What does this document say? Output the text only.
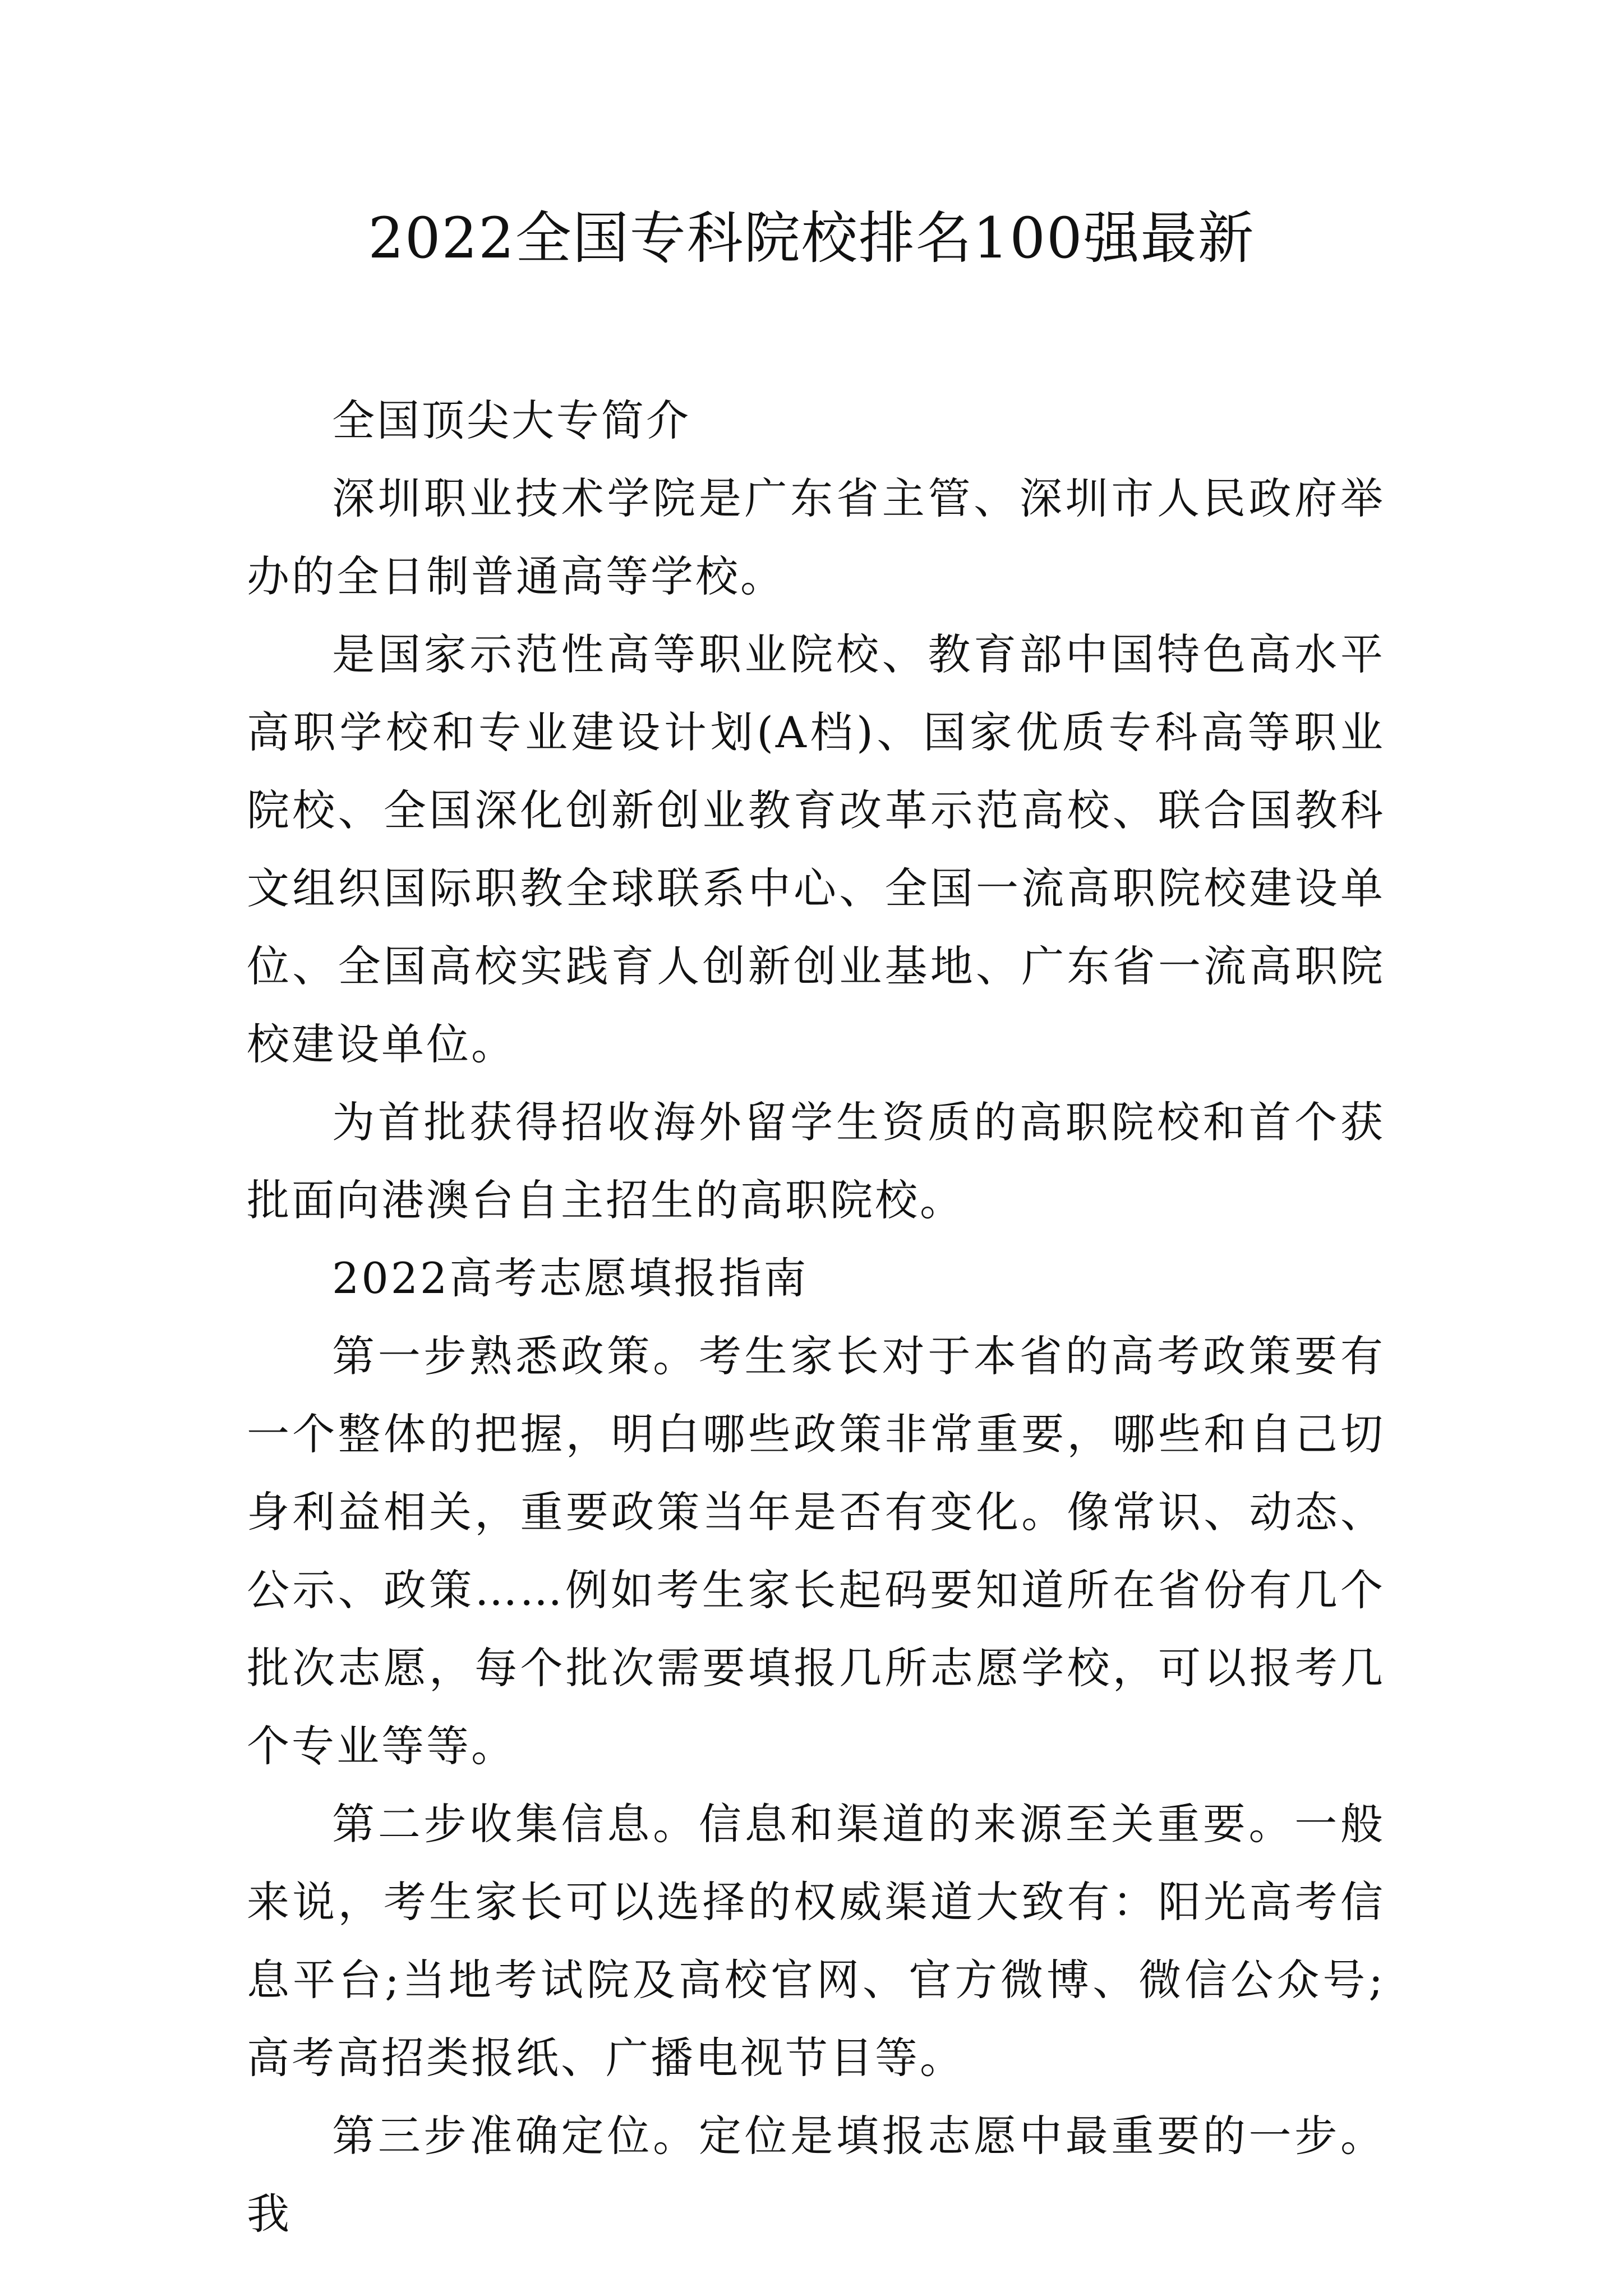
2022全国专科院校排名100强最新

全国顶尖大专简介

深圳职业技术学院是广东省主管、深圳市人民政府举办的全日制普通高等学校。

是国家示范性高等职业院校、教育部中国特色高水平高职学校和专业建设计划(A档)、国家优质专科高等职业院校、全国深化创新创业教育改革示范高校、联合国教科文组织国际职教全球联系中心、全国一流高职院校建设单位、全国高校实践育人创新创业基地、广东省一流高职院校建设单位。

为首批获得招收海外留学生资质的高职院校和首个获批面向港澳台自主招生的高职院校。

2022高考志愿填报指南

第一步熟悉政策。考生家长对于本省的高考政策要有一个整体的把握，明白哪些政策非常重要，哪些和自己切身利益相关，重要政策当年是否有变化。像常识、动态、公示、政策……例如考生家长起码要知道所在省份有几个批次志愿，每个批次需要填报几所志愿学校，可以报考几个专业等等。

第二步收集信息。信息和渠道的来源至关重要。一般来说，考生家长可以选择的权威渠道大致有：阳光高考信息平台;当地考试院及高校官网、官方微博、微信公众号;高考高招类报纸、广播电视节目等。

第三步准确定位。定位是填报志愿中最重要的一步。我
